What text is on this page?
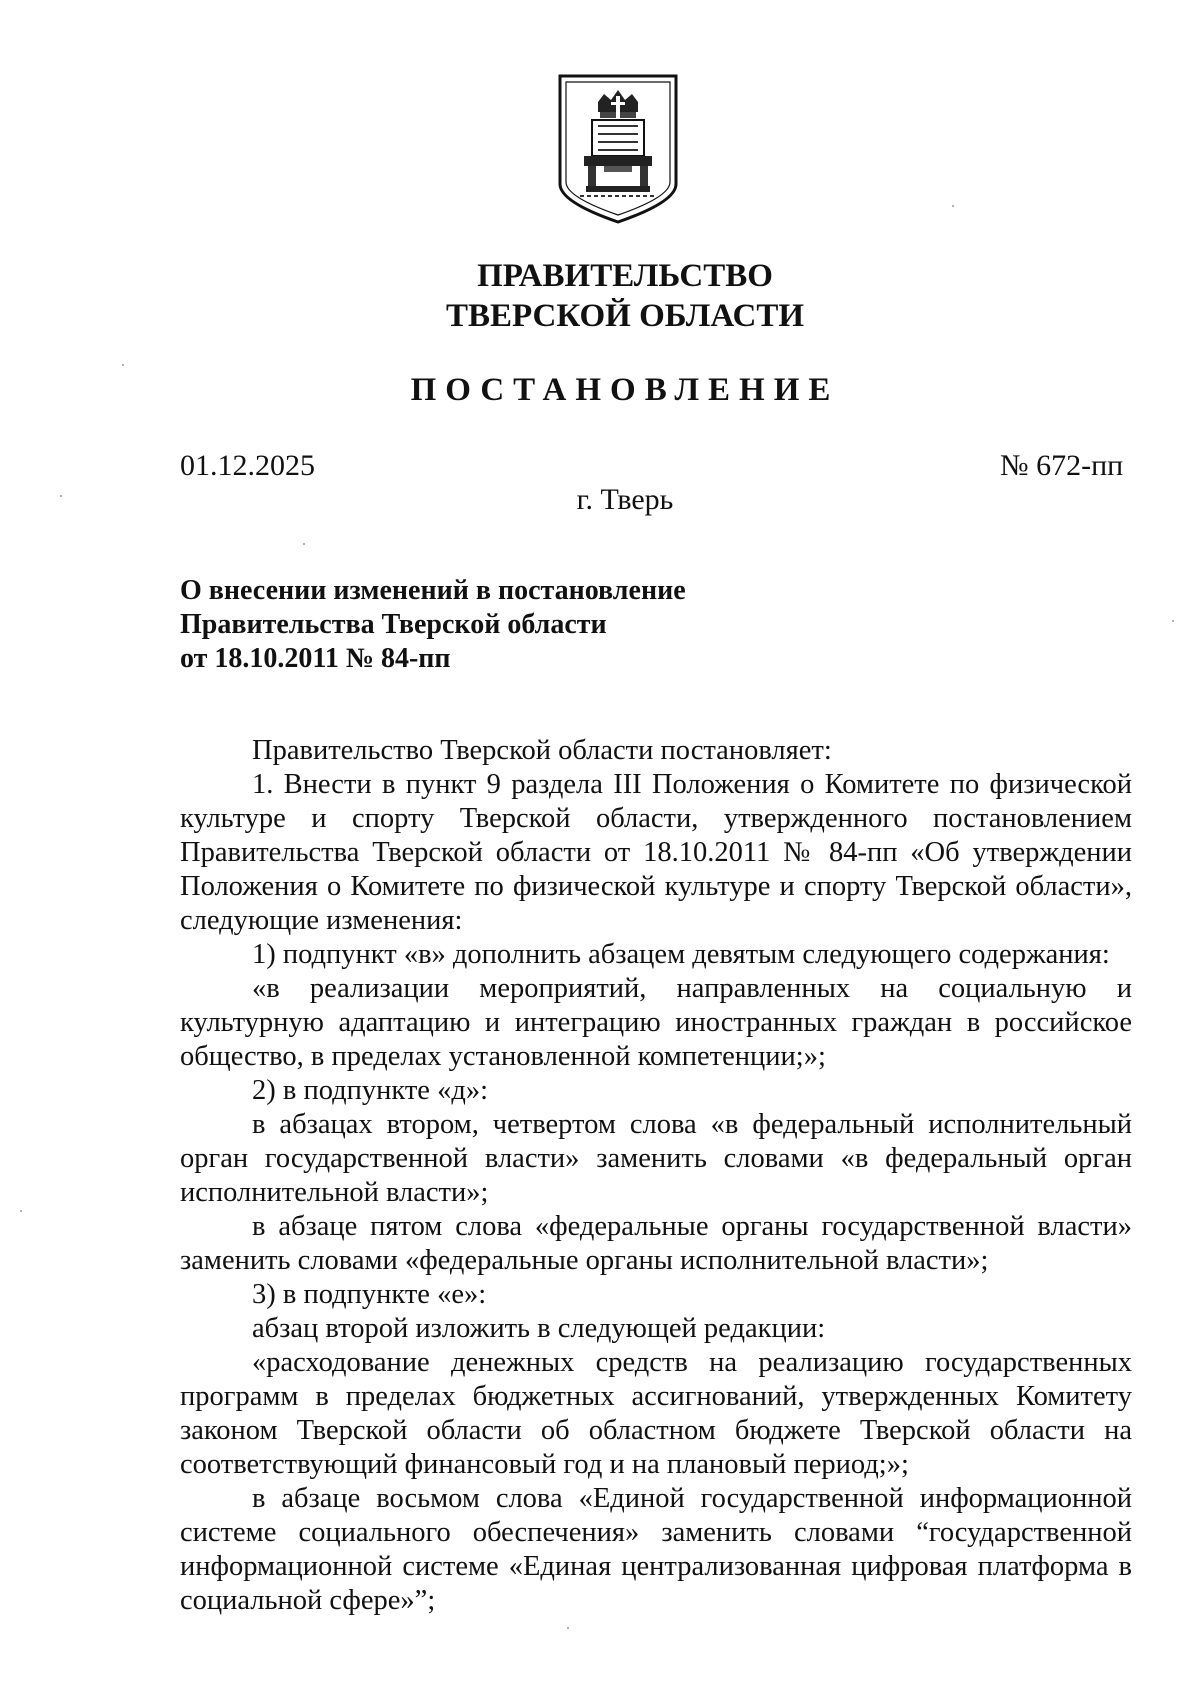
ПРАВИТЕЛЬСТВО
ТВЕРСКОЙ ОБЛАСТИ
ПОСТАНОВЛЕНИЕ
01.12.2025	№ 672-пп
г. Тверь
О внесении изменений в постановление
Правительства Тверской области
от 18.10.2011 № 84-пп

Правительство Тверской области постановляет:

1. Внести в пункт 9 раздела III Положения о Комитете по физической культуре и спорту Тверской области, утвержденного постановлением Правительства Тверской области от 18.10.2011 № 84-пп «Об утверждении Положения о Комитете по физической культуре и спорту Тверской области», следующие изменения:

1) подпункт «в» дополнить абзацем девятым следующего содержания:

«в реализации мероприятий, направленных на социальную и культурную адаптацию и интеграцию иностранных граждан в российское общество, в пределах установленной компетенции;»;

2) в подпункте «д»:

в абзацах втором, четвертом слова «в федеральный исполнительный орган государственной власти» заменить словами «в федеральный орган исполнительной власти»;

в абзаце пятом слова «федеральные органы государственной власти» заменить словами «федеральные органы исполнительной власти»;

3) в подпункте «е»:

абзац второй изложить в следующей редакции:

«расходование денежных средств на реализацию государственных программ в пределах бюджетных ассигнований, утвержденных Комитету законом Тверской области об областном бюджете Тверской области на соответствующий финансовый год и на плановый период;»;

в абзаце восьмом слова «Единой государственной информационной системе социального обеспечения» заменить словами “государственной информационной системе «Единая централизованная цифровая платформа в социальной сфере»”;
